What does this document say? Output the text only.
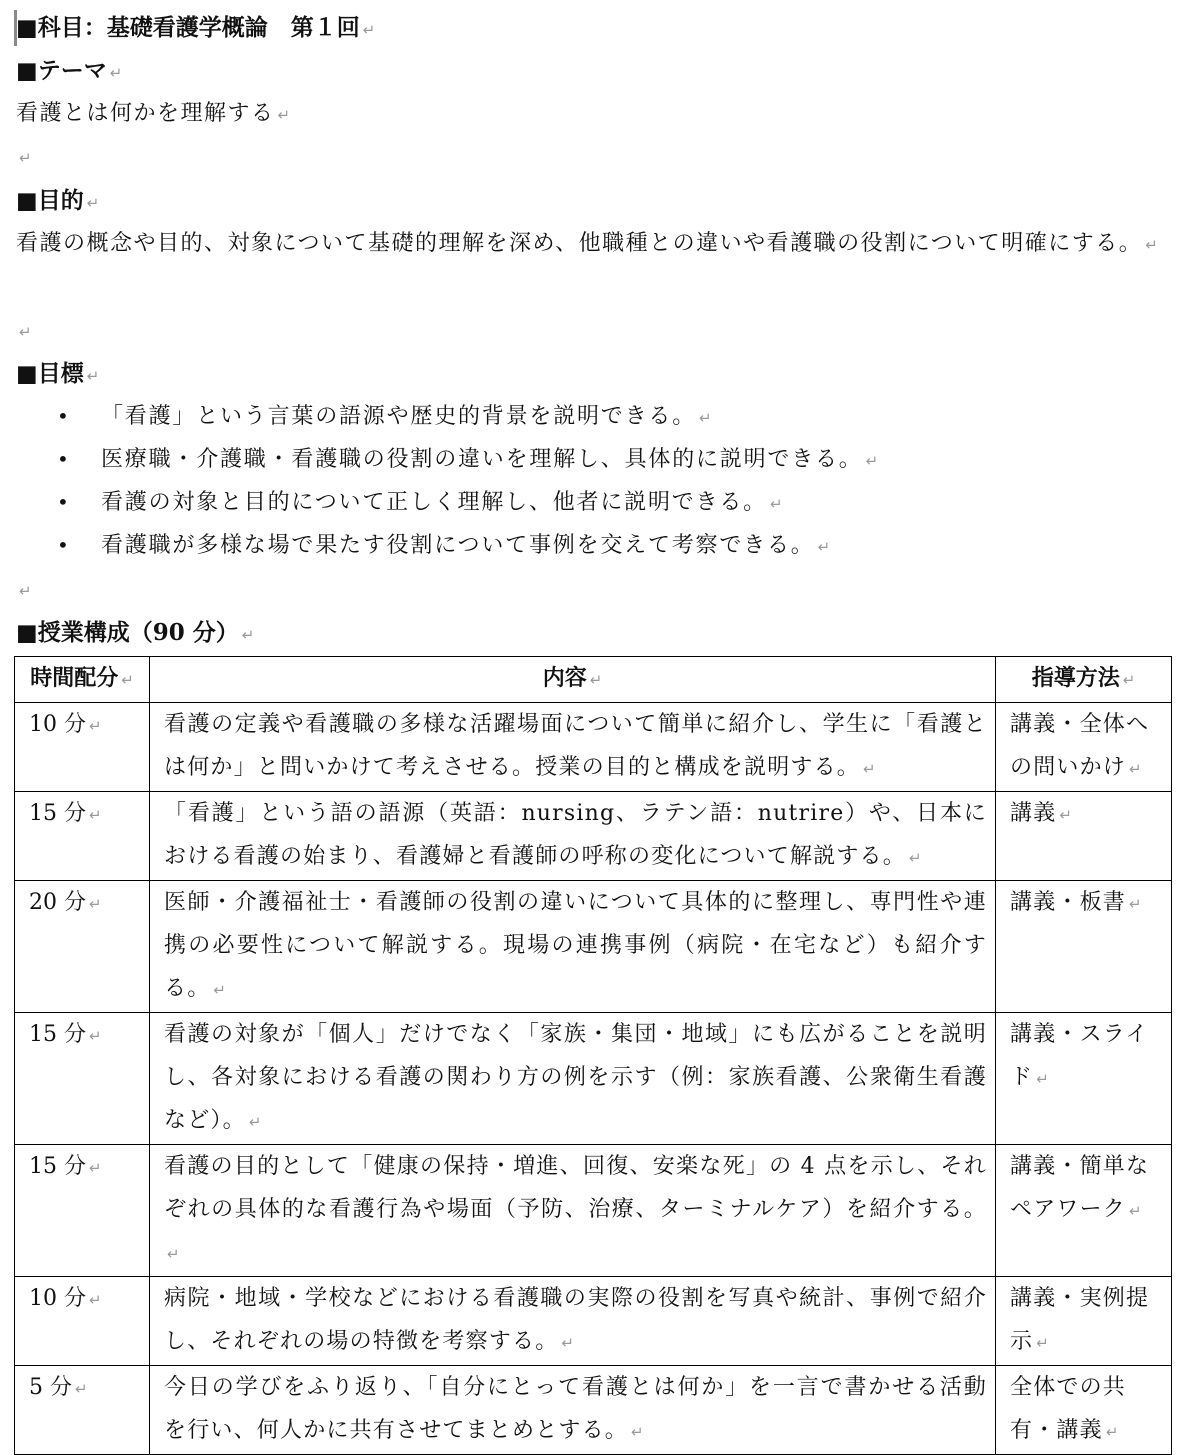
■科目：基礎看護学概論　第１回 ↵
■テーマ ↵
看護とは何かを理解する ↵
↵
■目的 ↵
看護の概念や目的、対象について基礎的理解を深め、他職種との違いや看護職の役割について明確にする。 ↵
↵
■目標 ↵
• 「看護」という言葉の語源や歴史的背景を説明できる。 ↵
• 医療職・介護職・看護職の役割の違いを理解し、具体的に説明できる。 ↵
• 看護の対象と目的について正しく理解し、他者に説明できる。 ↵
• 看護職が多様な場で果たす役割について事例を交えて考察できる。 ↵
↵
■授業構成（90 分） ↵
時間配分 ↵	内容 ↵	指導方法 ↵
10 分 ↵	看護の定義や看護職の多様な活躍場面について簡単に紹介し、学生に「看護とは何か」と問いかけて考えさせる。授業の目的と構成を説明する。 ↵	講義・全体への問いかけ ↵
15 分 ↵	「看護」という語の語源（英語：nursing、ラテン語：nutrire）や、日本における看護の始まり、看護婦と看護師の呼称の変化について解説する。 ↵	講義 ↵
20 分 ↵	医師・介護福祉士・看護師の役割の違いについて具体的に整理し、専門性や連携の必要性について解説する。現場の連携事例（病院・在宅など）も紹介する。 ↵	講義・板書 ↵
15 分 ↵	看護の対象が「個人」だけでなく「家族・集団・地域」にも広がることを説明し、各対象における看護の関わり方の例を示す（例：家族看護、公衆衛生看護など）。 ↵	講義・スライド ↵
15 分 ↵	看護の目的として「健康の保持・増進、回復、安楽な死」の 4 点を示し、それぞれの具体的な看護行為や場面（予防、治療、ターミナルケア）を紹介する。↵	講義・簡単なペアワーク ↵
10 分 ↵	病院・地域・学校などにおける看護職の実際の役割を写真や統計、事例で紹介し、それぞれの場の特徴を考察する。 ↵	講義・実例提示 ↵
5 分 ↵	今日の学びをふり返り、「自分にとって看護とは何か」を一言で書かせる活動を行い、何人かに共有させてまとめとする。 ↵	全体での共有・講義 ↵
